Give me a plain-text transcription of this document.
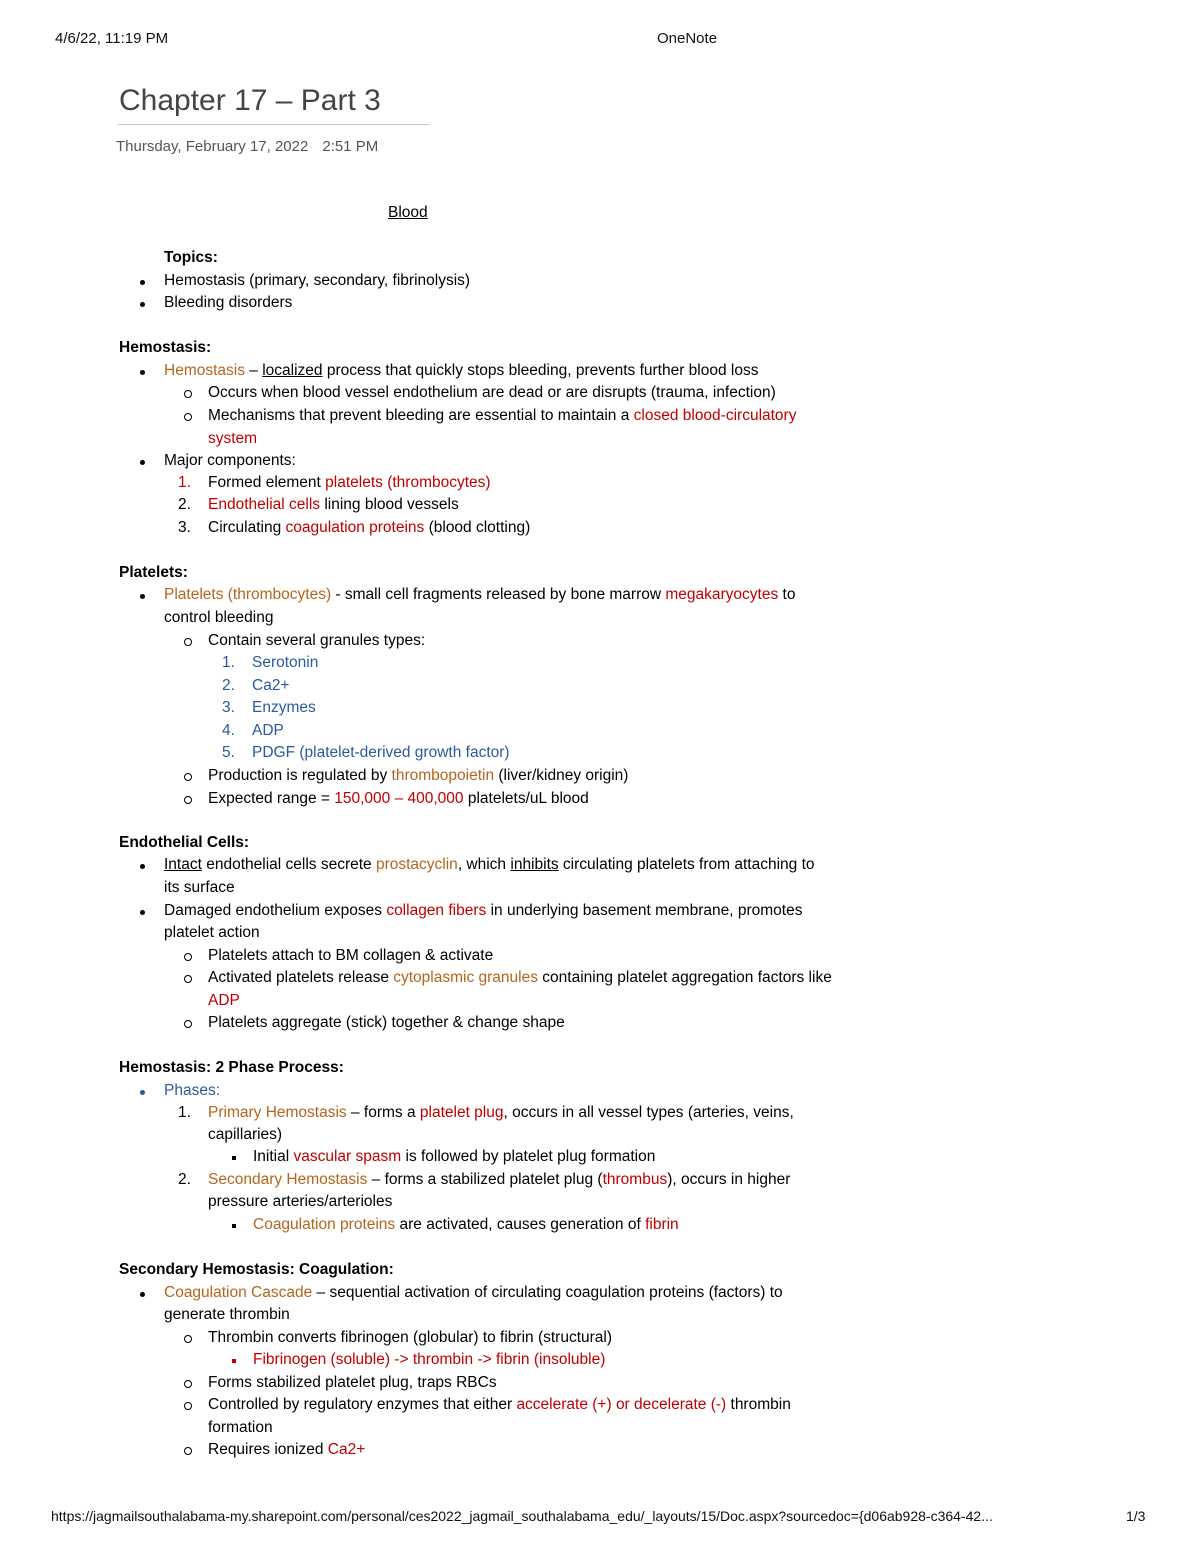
4/6/22, 11:19 PM	OneNote
Chapter 17 – Part 3
Thursday, February 17, 2022 2:51 PM
Blood
Topics:
Hemostasis (primary, secondary, fibrinolysis)
Bleeding disorders
Hemostasis:
Hemostasis – localized process that quickly stops bleeding, prevents further blood loss
Occurs when blood vessel endothelium are dead or are disrupts (trauma, infection)
Mechanisms that prevent bleeding are essential to maintain a closed blood-circulatory
system
Major components:
1. Formed element platelets (thrombocytes)
2. Endothelial cells lining blood vessels
3. Circulating coagulation proteins (blood clotting)
Platelets:
Platelets (thrombocytes) - small cell fragments released by bone marrow megakaryocytes to
control bleeding
Contain several granules types:
1. Serotonin
2. Ca2+
3. Enzymes
4. ADP
5. PDGF (platelet-derived growth factor)
Production is regulated by thrombopoietin (liver/kidney origin)
Expected range = 150,000 – 400,000 platelets/uL blood
Endothelial Cells:
Intact endothelial cells secrete prostacyclin, which inhibits circulating platelets from attaching to
its surface
Damaged endothelium exposes collagen fibers in underlying basement membrane, promotes
platelet action
Platelets attach to BM collagen & activate
Activated platelets release cytoplasmic granules containing platelet aggregation factors like
ADP
Platelets aggregate (stick) together & change shape
Hemostasis: 2 Phase Process:
Phases:
1. Primary Hemostasis – forms a platelet plug, occurs in all vessel types (arteries, veins,
capillaries)
Initial vascular spasm is followed by platelet plug formation
2. Secondary Hemostasis – forms a stabilized platelet plug (thrombus), occurs in higher
pressure arteries/arterioles
Coagulation proteins are activated, causes generation of fibrin
Secondary Hemostasis: Coagulation:
Coagulation Cascade – sequential activation of circulating coagulation proteins (factors) to
generate thrombin
Thrombin converts fibrinogen (globular) to fibrin (structural)
Fibrinogen (soluble) -> thrombin -> fibrin (insoluble)
Forms stabilized platelet plug, traps RBCs
Controlled by regulatory enzymes that either accelerate (+) or decelerate (-) thrombin
formation
Requires ionized Ca2+
https://jagmailsouthalabama-my.sharepoint.com/personal/ces2022_jagmail_southalabama_edu/_layouts/15/Doc.aspx?sourcedoc={d06ab928-c364-42...	1/3
